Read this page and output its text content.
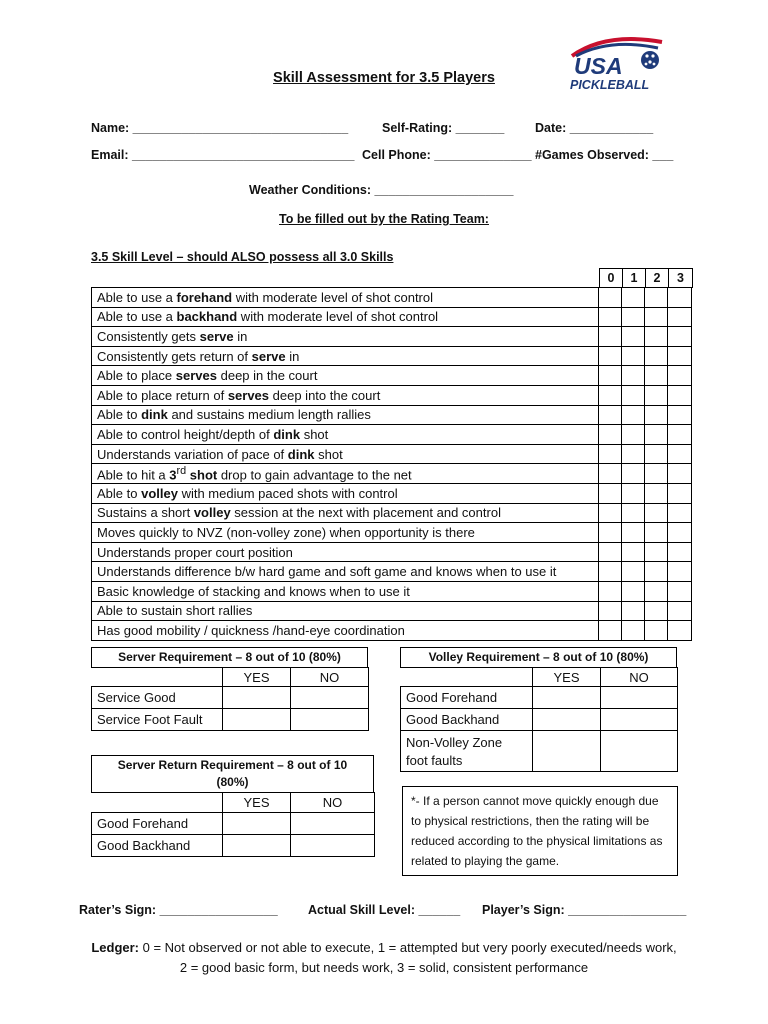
USA
PICKLEBALL
Skill Assessment for 3.5 Players
Name: _______________________________	Self-Rating: _______ Date: ____________
Email: ________________________________ Cell Phone: ______________ #Games Observed: ___
Weather Conditions: ____________________
To be filled out by the Rating Team:
3.5 Skill Level – should ALSO possess all 3.0 Skills
0	1	2	3
Able to use a forehand with moderate level of shot control				
Able to use a backhand with moderate level of shot control				
Consistently gets serve in				
Consistently gets return of serve in				
Able to place serves deep in the court				
Able to place return of serves deep into the court				
Able to dink and sustains medium length rallies				
Able to control height/depth of dink shot				
Understands variation of pace of dink shot				
Able to hit a 3rd shot drop to gain advantage to the net				
Able to volley with medium paced shots with control				
Sustains a short volley session at the next with placement and control				
Moves quickly to NVZ (non-volley zone) when opportunity is there				
Understands proper court position				
Understands difference b/w hard game and soft game and knows when to use it				
Basic knowledge of stacking and knows when to use it				
Able to sustain short rallies				
Has good mobility / quickness /hand-eye coordination				
Server Requirement – 8 out of 10 (80%)
	YES	NO
Service Good		
Service Foot Fault		
Volley Requirement – 8 out of 10 (80%)
	YES	NO
Good Forehand		
Good Backhand		

Non-Volley Zone
foot faults		

Server Return Requirement – 8 out of 10
(80%)
	YES	NO
Good Forehand		
Good Backhand		
*- If a person cannot move quickly enough due to physical restrictions, then the rating will be reduced according to the physical limitations as related to playing the game.
Rater’s Sign: _________________ Actual Skill Level: ______ Player’s Sign: _________________
Ledger: 0 = Not observed or not able to execute, 1 = attempted but very poorly executed/needs work,
2 = good basic form, but needs work, 3 = solid, consistent performance
